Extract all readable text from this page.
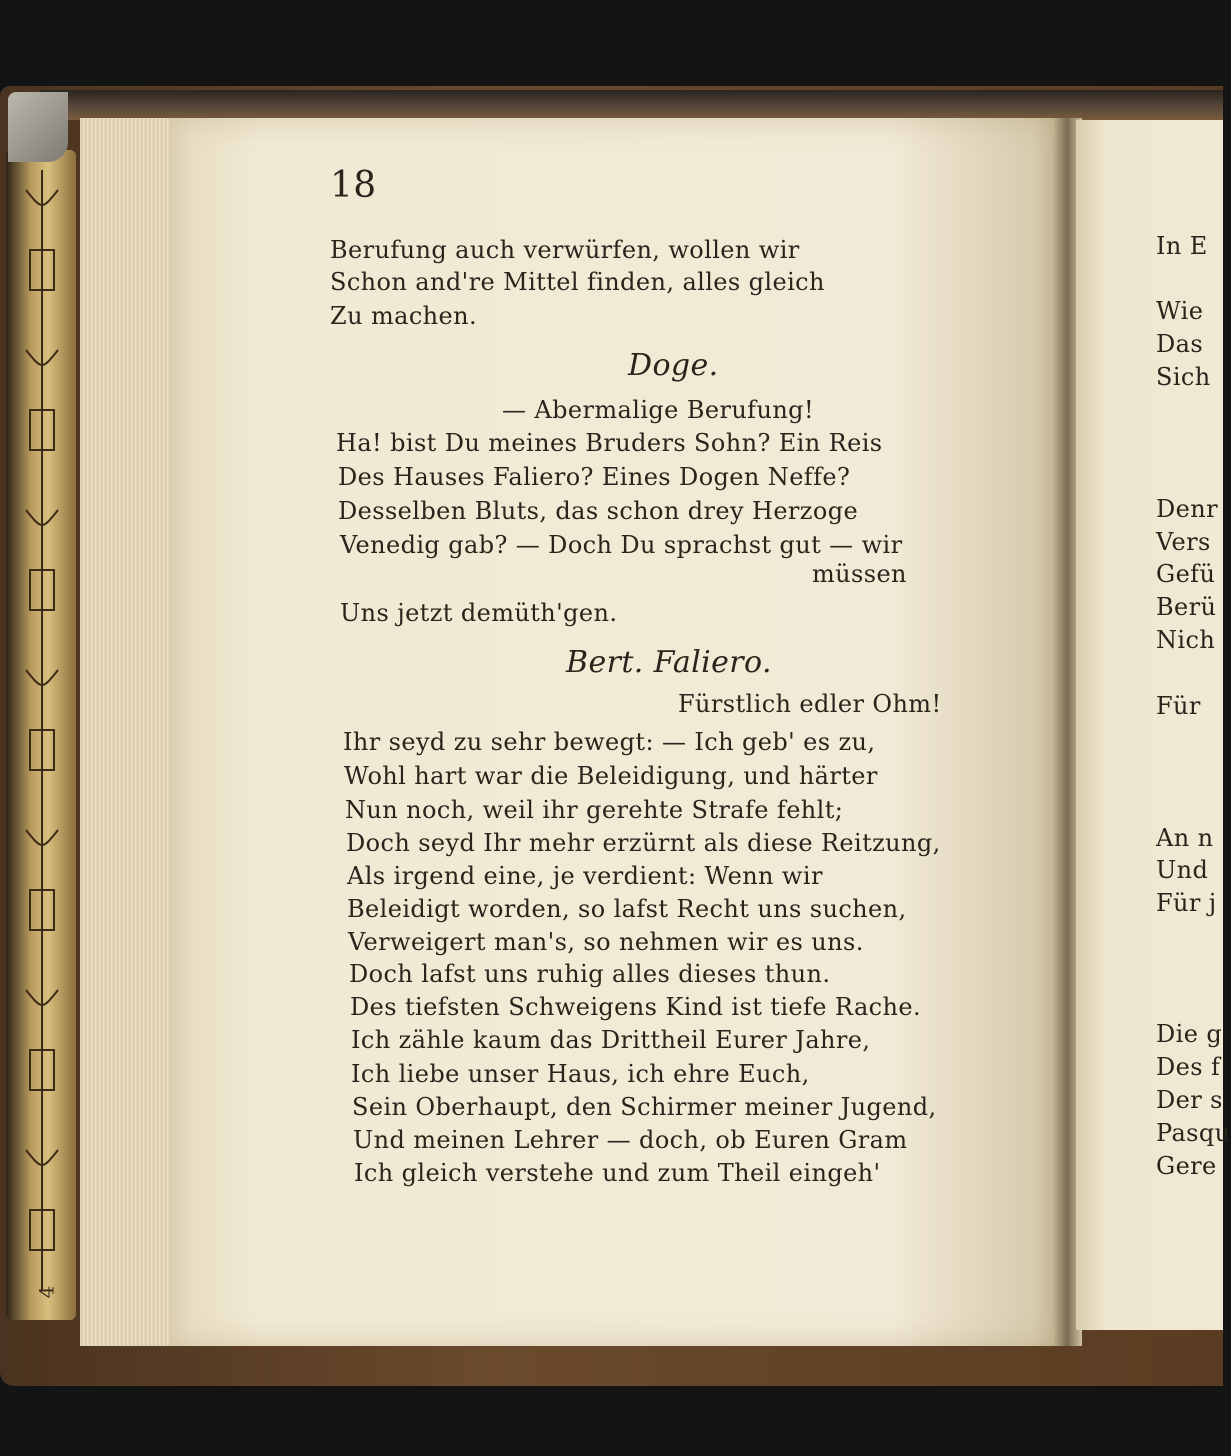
4
18
Berufung auch verwürfen, wollen wir
Schon and're Mittel finden, alles gleich
Zu machen.
Doge.
— Abermalige Berufung!
Ha! bist Du meines Bruders Sohn? Ein Reis
Des Hauses Faliero? Eines Dogen Neffe?
Desselben Bluts, das schon drey Herzoge
Venedig gab? — Doch Du sprachst gut — wir
müssen
Uns jetzt demüth'gen.
Bert. Faliero.
Fürstlich edler Ohm!
Ihr seyd zu sehr bewegt: — Ich geb' es zu,
Wohl hart war die Beleidigung, und härter
Nun noch, weil ihr gerehte Strafe fehlt;
Doch seyd Ihr mehr erzürnt als diese Reitzung,
Als irgend eine, je verdient: Wenn wir
Beleidigt worden, so lafst Recht uns suchen,
Verweigert man's, so nehmen wir es uns.
Doch lafst uns ruhig alles dieses thun.
Des tiefsten Schweigens Kind ist tiefe Rache.
Ich zähle kaum das Drittheil Eurer Jahre,
Ich liebe unser Haus, ich ehre Euch,
Sein Oberhaupt, den Schirmer meiner Jugend,
Und meinen Lehrer — doch, ob Euren Gram
Ich gleich verstehe und zum Theil eingeh'
In E
Wie
Das
Sich
Denr
Vers
Gefü
Berü
Nich
Für
An n
Und
Für j
Die g
Des f
Der s
Pasqu
Gere
